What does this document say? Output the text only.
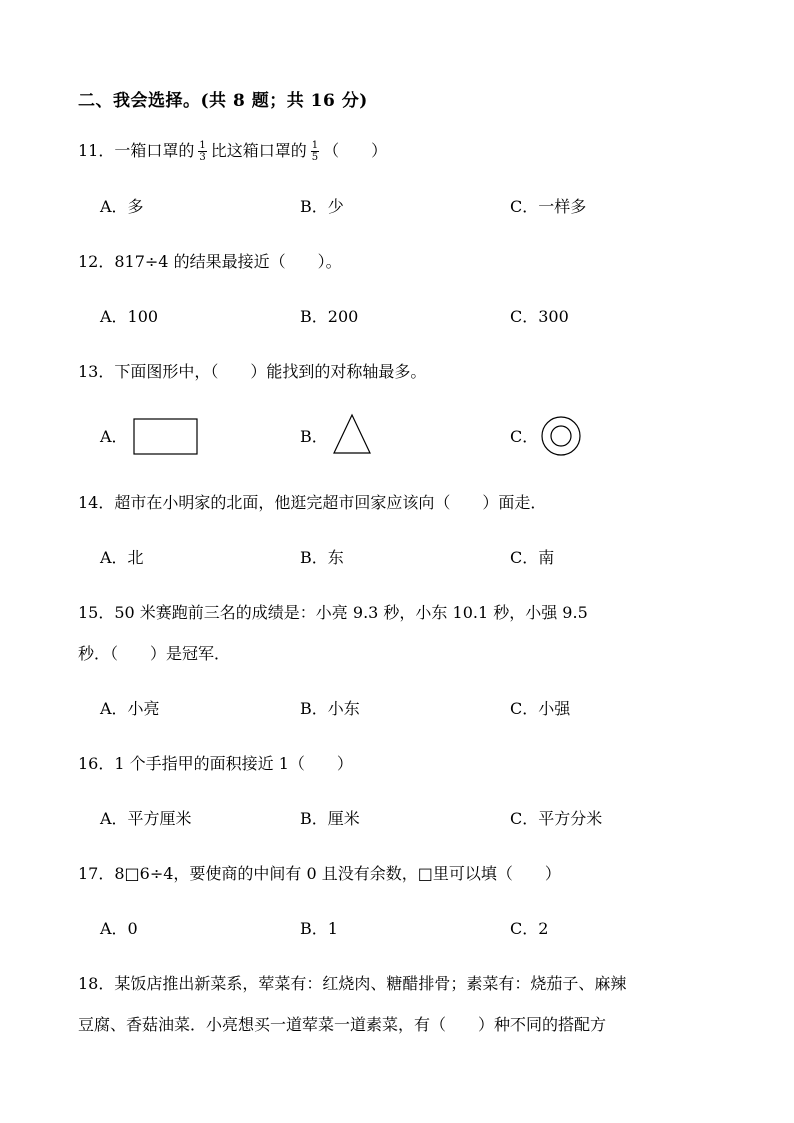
二、我会选择。(共 8 题；共 16 分)
11．一箱口罩的 $\frac{1}{3}$ 比这箱口罩的 $\frac{1}{5}$ （　　）
A．多	B．少	C．一样多
12．817÷4 的结果最接近（　　）。
A．100	B．200	C．300
13．下面图形中，（　　）能找到的对称轴最多。
A．	B．	C．
14．超市在小明家的北面，他逛完超市回家应该向（　　）面走．
A．北	B．东	C．南
15．50 米赛跑前三名的成绩是：小亮 9.3 秒，小东 10.1 秒，小强 9.5
秒．（　　）是冠军．
A．小亮	B．小东	C．小强
16．1 个手指甲的面积接近 1（　　）
A．平方厘米	B．厘米	C．平方分米
17．8□6÷4，要使商的中间有 0 且没有余数，□里可以填（　　）
A．0	B．1	C．2
18．某饭店推出新菜系，荤菜有：红烧肉、糖醋排骨；素菜有：烧茄子、麻辣
豆腐、香菇油菜．小亮想买一道荤菜一道素菜，有（　　）种不同的搭配方
